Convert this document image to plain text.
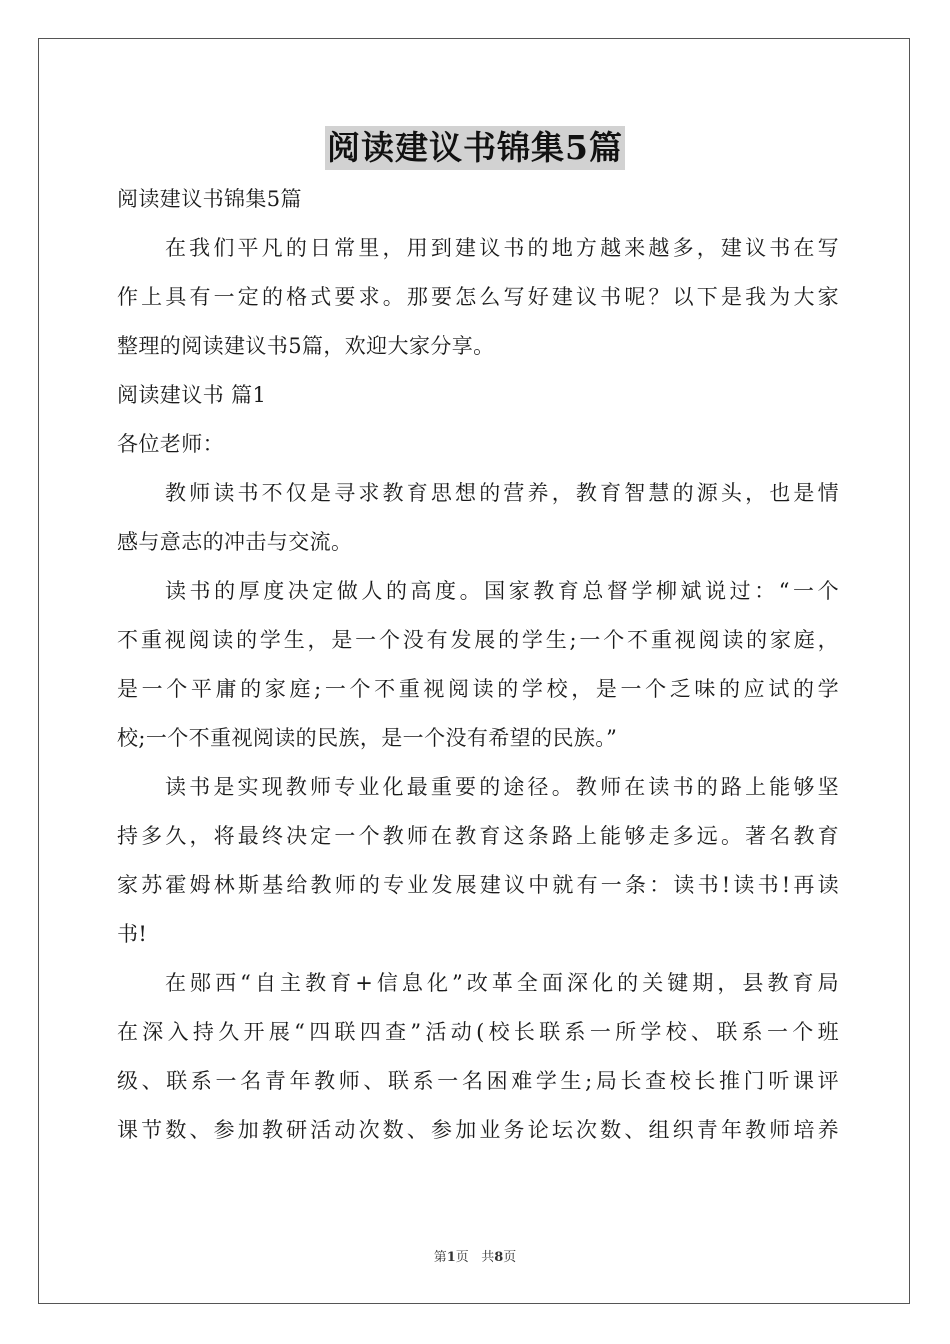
阅读建议书锦集5篇
阅读建议书锦集5篇
在我们平凡的日常里，用到建议书的地方越来越多，建议书在写
作上具有一定的格式要求。那要怎么写好建议书呢？以下是我为大家
整理的阅读建议书5篇，欢迎大家分享。
阅读建议书 篇1
各位老师：
教师读书不仅是寻求教育思想的营养，教育智慧的源头，也是情
感与意志的冲击与交流。
读书的厚度决定做人的高度。国家教育总督学柳斌说过：“一个
不重视阅读的学生，是一个没有发展的学生;一个不重视阅读的家庭，
是一个平庸的家庭;一个不重视阅读的学校，是一个乏味的应试的学
校;一个不重视阅读的民族，是一个没有希望的民族。”
读书是实现教师专业化最重要的途径。教师在读书的路上能够坚
持多久，将最终决定一个教师在教育这条路上能够走多远。著名教育
家苏霍姆林斯基给教师的专业发展建议中就有一条：读书!读书!再读
书!
在郧西“自主教育+信息化”改革全面深化的关键期，县教育局
在深入持久开展“四联四查”活动(校长联系一所学校、联系一个班
级、联系一名青年教师、联系一名困难学生;局长查校长推门听课评
课节数、参加教研活动次数、参加业务论坛次数、组织青年教师培养
第1页 共8页
